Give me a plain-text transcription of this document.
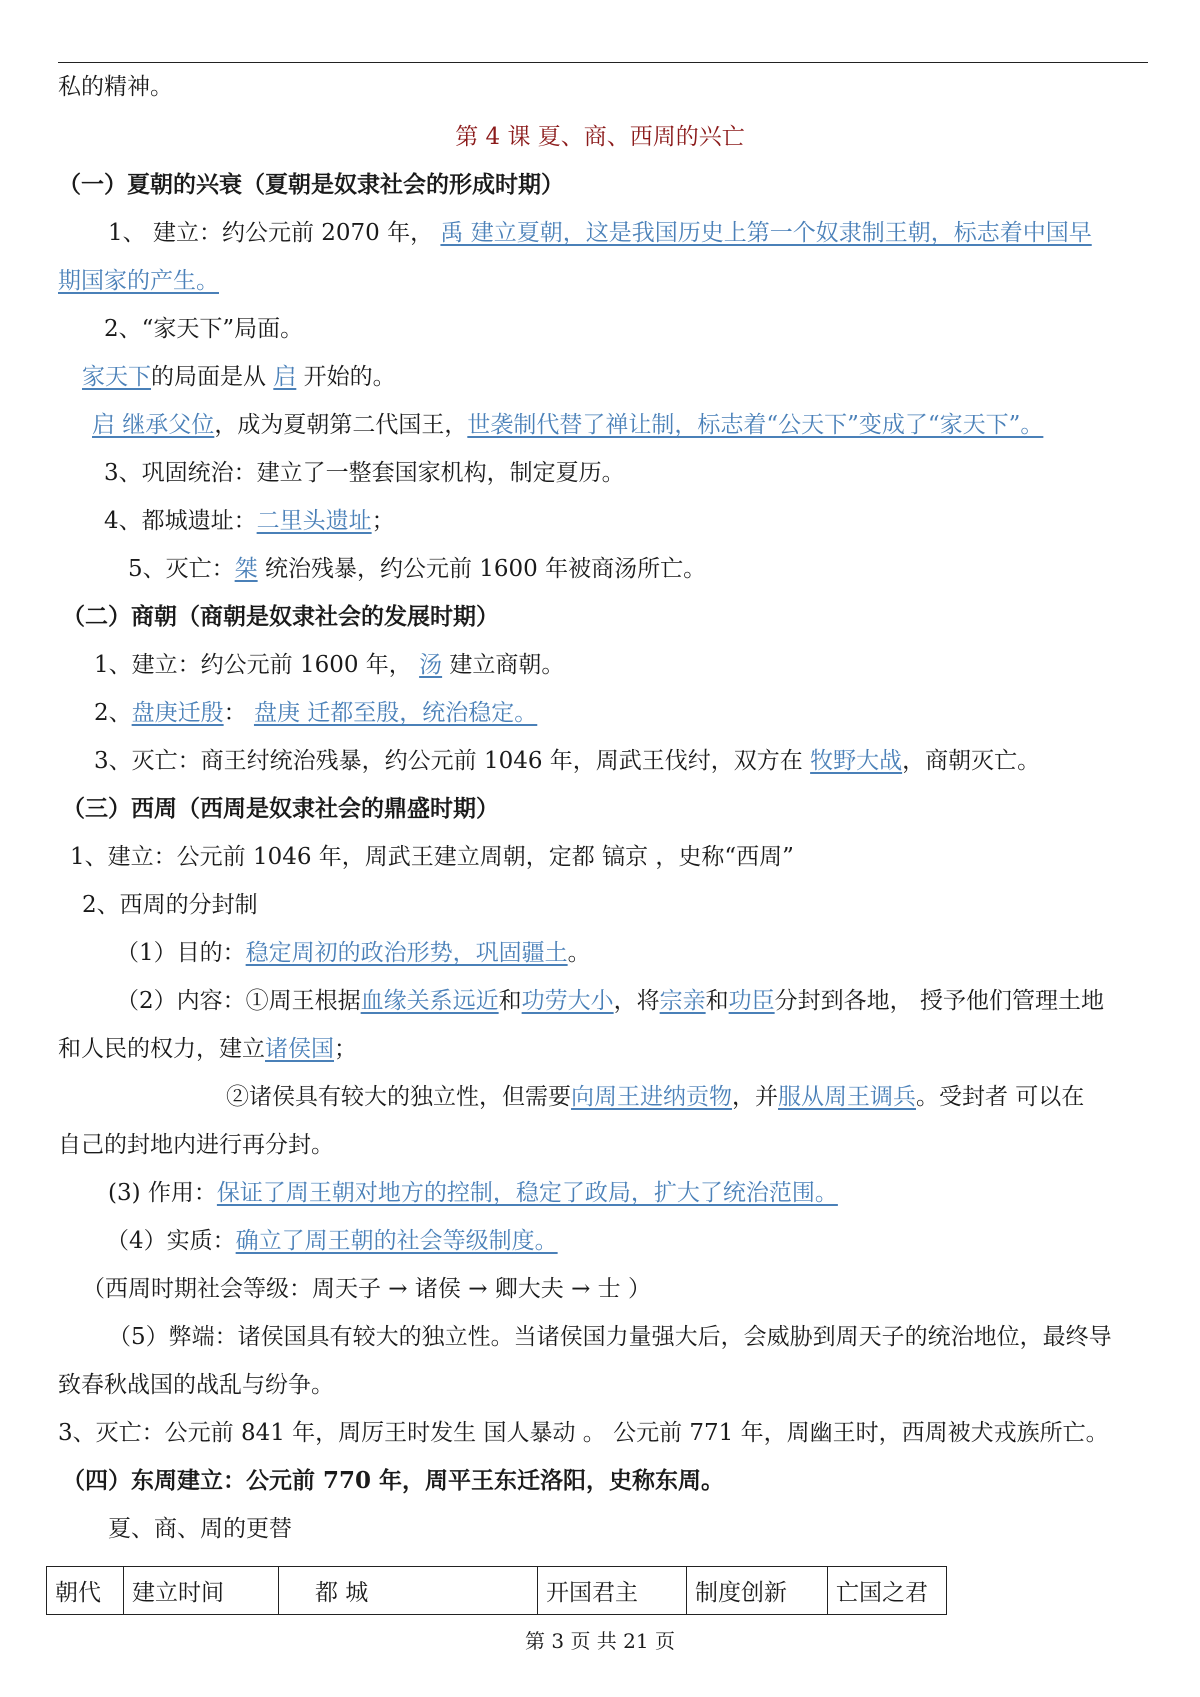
私的精神。
第 4 课 夏、商、西周的兴亡
（一）夏朝的兴衰（夏朝是奴隶社会的形成时期）
1、 建立：约公元前 2070 年， 禹 建立夏朝，这是我国历史上第一个奴隶制王朝，标志着中国早
期国家的产生。
2、“家天下”局面。
家天下的局面是从 启 开始的。
启 继承父位，成为夏朝第二代国王，世袭制代替了禅让制，标志着“公天下”变成了“家天下”。
3、巩固统治：建立了一整套国家机构，制定夏历。
4、都城遗址：二里头遗址；
5、灭亡：桀 统治残暴，约公元前 1600 年被商汤所亡。
（二）商朝（商朝是奴隶社会的发展时期）
1、建立：约公元前 1600 年， 汤 建立商朝。
2、盘庚迁殷： 盘庚 迁都至殷，统治稳定。
3、灭亡：商王纣统治残暴，约公元前 1046 年，周武王伐纣，双方在 牧野大战，商朝灭亡。
（三）西周（西周是奴隶社会的鼎盛时期）
1、建立：公元前 1046 年，周武王建立周朝，定都 镐京 ，史称“西周”
2、西周的分封制
（1）目的：稳定周初的政治形势，巩固疆土。
（2）内容：①周王根据血缘关系远近和功劳大小，将宗亲和功臣分封到各地， 授予他们管理土地
和人民的权力，建立诸侯国；
②诸侯具有较大的独立性，但需要向周王进纳贡物，并服从周王调兵。受封者 可以在
自己的封地内进行再分封。
(3) 作用：保证了周王朝对地方的控制，稳定了政局，扩大了统治范围。
（4）实质：确立了周王朝的社会等级制度。
（西周时期社会等级：周天子 → 诸侯 → 卿大夫 → 士 ）
（5）弊端：诸侯国具有较大的独立性。当诸侯国力量强大后，会威胁到周天子的统治地位，最终导
致春秋战国的战乱与纷争。
3、灭亡：公元前 841 年，周厉王时发生 国人暴动 。 公元前 771 年，周幽王时，西周被犬戎族所亡。
（四）东周建立：公元前 770 年，周平王东迁洛阳，史称东周。
夏、商、周的更替
朝代	建立时间	都 城	开国君主	制度创新	亡国之君
第 3 页 共 21 页
